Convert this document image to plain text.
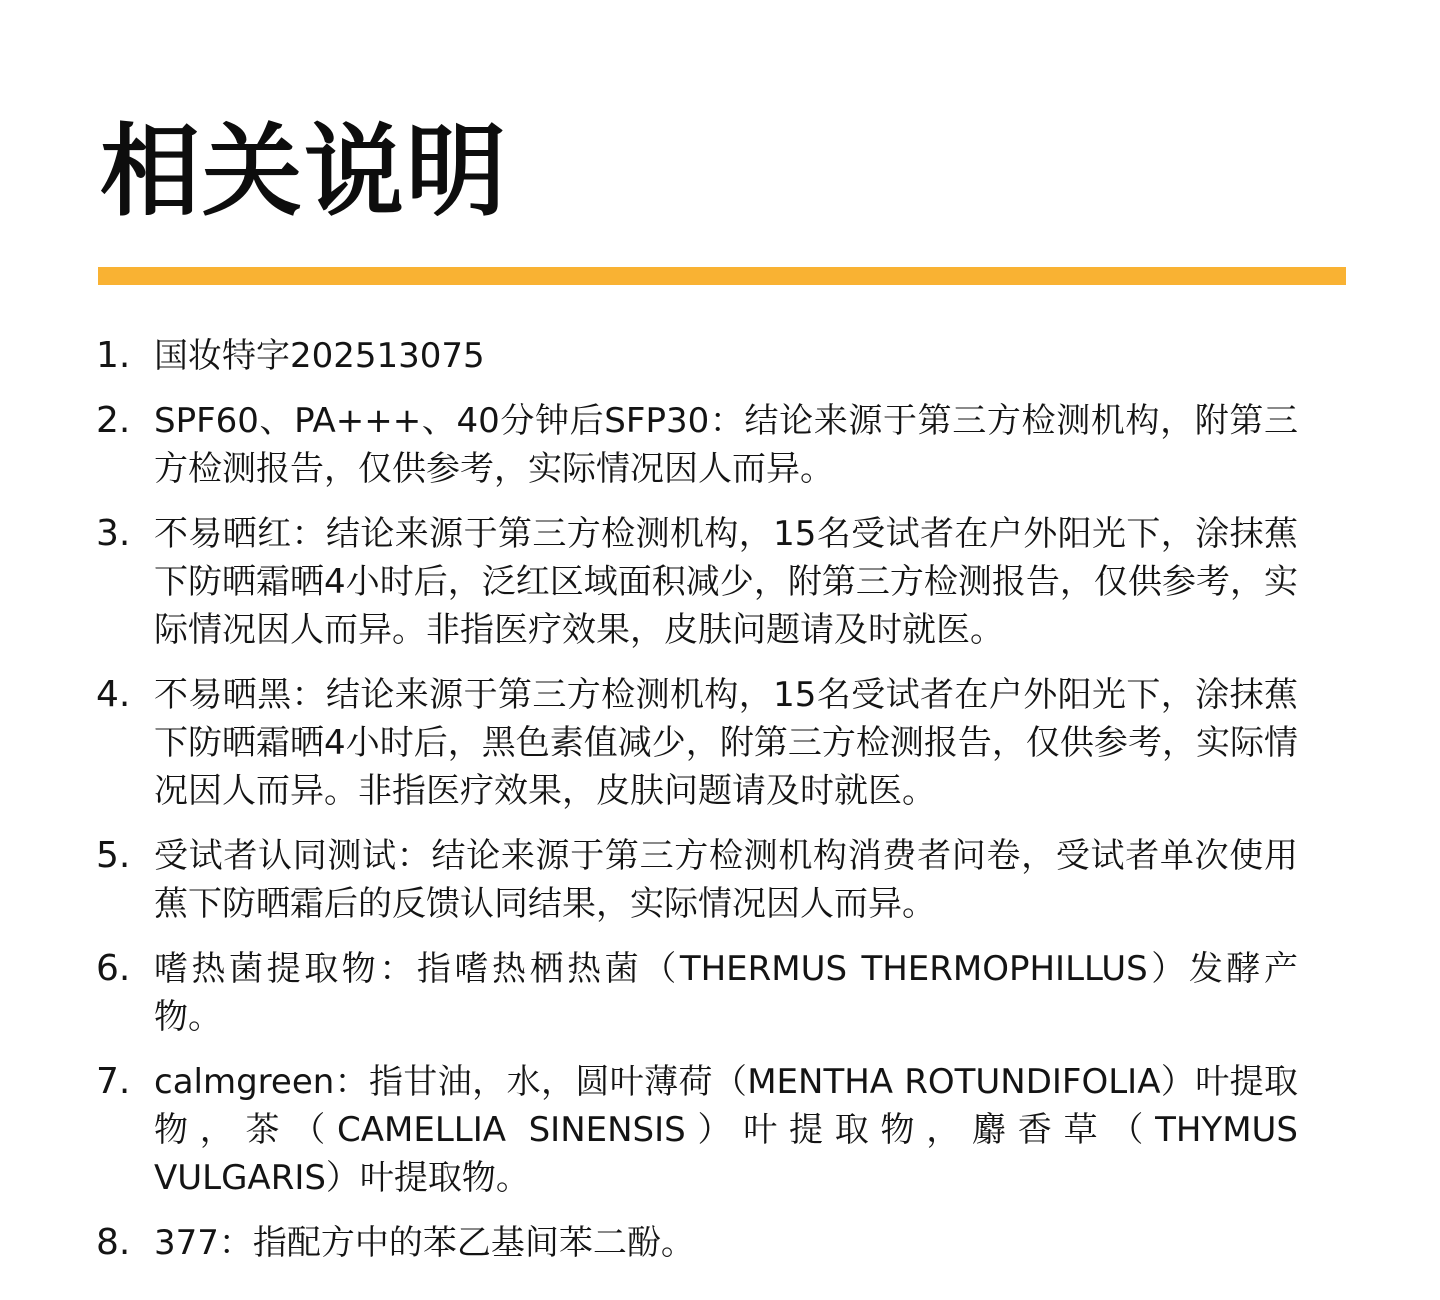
相关说明
1. 国妆特字202513075
2. SPF60、PA+++、40分钟后SFP30：结论来源于第三方检测机构，附第三方检测报告，仅供参考，实际情况因人而异。
3. 不易晒红：结论来源于第三方检测机构，15名受试者在户外阳光下，涂抹蕉下防晒霜晒4小时后，泛红区域面积减少，附第三方检测报告，仅供参考，实际情况因人而异。非指医疗效果，皮肤问题请及时就医。
4. 不易晒黑：结论来源于第三方检测机构，15名受试者在户外阳光下，涂抹蕉下防晒霜晒4小时后，黑色素值减少，附第三方检测报告，仅供参考，实际情况因人而异。非指医疗效果，皮肤问题请及时就医。
5. 受试者认同测试：结论来源于第三方检测机构消费者问卷，受试者单次使用蕉下防晒霜后的反馈认同结果，实际情况因人而异。
6. 嗜热菌提取物：指嗜热栖热菌（THERMUS THERMOPHILLUS）发酵产物。
7. calmgreen：指甘油，水，圆叶薄荷（MENTHA ROTUNDIFOLIA）叶提取物，茶（CAMELLIA SINENSIS）叶提取物，麝香草（THYMUS VULGARIS）叶提取物。
8. 377：指配方中的苯乙基间苯二酚。
